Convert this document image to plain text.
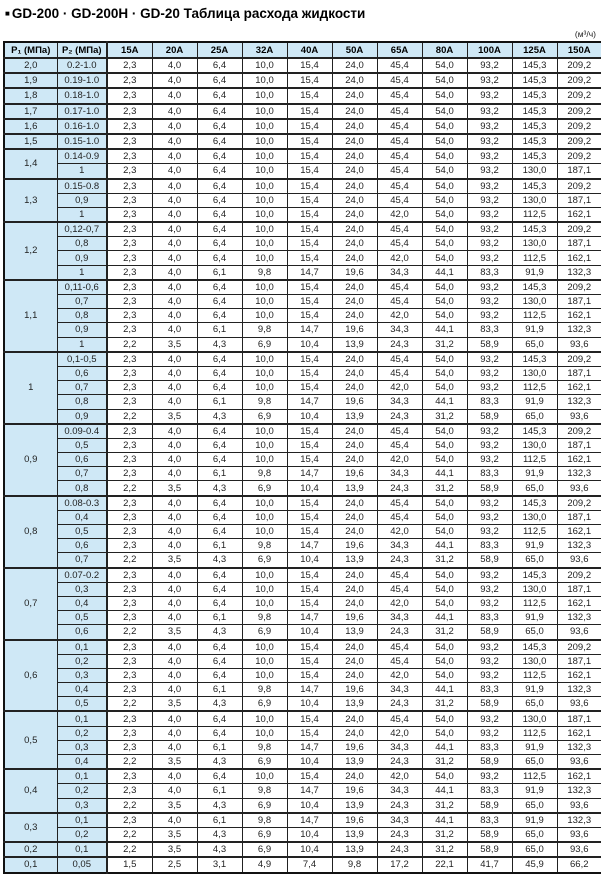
■ GD-200 · GD-200H · GD-20 Таблица расхода жидкости
(м³/ч)
P₁ (МПа)	P₂ (МПа)	15A	20A	25A	32A	40A	50A	65A	80A	100A	125A	150A
2,0	0.2-1.0	2,3	4,0	6,4	10,0	15,4	24,0	45,4	54,0	93,2	145,3	209,2
1,9	0.19-1.0	2,3	4,0	6,4	10,0	15,4	24,0	45,4	54,0	93,2	145,3	209,2
1,8	0.18-1.0	2,3	4,0	6,4	10,0	15,4	24,0	45,4	54,0	93,2	145,3	209,2
1,7	0.17-1.0	2,3	4,0	6,4	10,0	15,4	24,0	45,4	54,0	93,2	145,3	209,2
1,6	0.16-1.0	2,3	4,0	6,4	10,0	15,4	24,0	45,4	54,0	93,2	145,3	209,2
1,5	0.15-1.0	2,3	4,0	6,4	10,0	15,4	24,0	45,4	54,0	93,2	145,3	209,2
1,4	0.14-0.9	2,3	4,0	6,4	10,0	15,4	24,0	45,4	54,0	93,2	145,3	209,2
	1	2,3	4,0	6,4	10,0	15,4	24,0	45,4	54,0	93,2	130,0	187,1
1,3	0.15-0.8	2,3	4,0	6,4	10,0	15,4	24,0	45,4	54,0	93,2	145,3	209,2
	0,9	2,3	4,0	6,4	10,0	15,4	24,0	45,4	54,0	93,2	130,0	187,1
	1	2,3	4,0	6,4	10,0	15,4	24,0	42,0	54,0	93,2	112,5	162,1
1,2	0,12-0,7	2,3	4,0	6,4	10,0	15,4	24,0	45,4	54,0	93,2	145,3	209,2
	0,8	2,3	4,0	6,4	10,0	15,4	24,0	45,4	54,0	93,2	130,0	187,1
	0,9	2,3	4,0	6,4	10,0	15,4	24,0	42,0	54,0	93,2	112,5	162,1
	1	2,3	4,0	6,1	9,8	14,7	19,6	34,3	44,1	83,3	91,9	132,3
1,1	0,11-0,6	2,3	4,0	6,4	10,0	15,4	24,0	45,4	54,0	93,2	145,3	209,2
	0,7	2,3	4,0	6,4	10,0	15,4	24,0	45,4	54,0	93,2	130,0	187,1
	0,8	2,3	4,0	6,4	10,0	15,4	24,0	42,0	54,0	93,2	112,5	162,1
	0,9	2,3	4,0	6,1	9,8	14,7	19,6	34,3	44,1	83,3	91,9	132,3
	1	2,2	3,5	4,3	6,9	10,4	13,9	24,3	31,2	58,9	65,0	93,6
1	0,1-0,5	2,3	4,0	6,4	10,0	15,4	24,0	45,4	54,0	93,2	145,3	209,2
	0,6	2,3	4,0	6,4	10,0	15,4	24,0	45,4	54,0	93,2	130,0	187,1
	0,7	2,3	4,0	6,4	10,0	15,4	24,0	42,0	54,0	93,2	112,5	162,1
	0,8	2,3	4,0	6,1	9,8	14,7	19,6	34,3	44,1	83,3	91,9	132,3
	0,9	2,2	3,5	4,3	6,9	10,4	13,9	24,3	31,2	58,9	65,0	93,6
0,9	0.09-0.4	2,3	4,0	6,4	10,0	15,4	24,0	45,4	54,0	93,2	145,3	209,2
	0,5	2,3	4,0	6,4	10,0	15,4	24,0	45,4	54,0	93,2	130,0	187,1
	0,6	2,3	4,0	6,4	10,0	15,4	24,0	42,0	54,0	93,2	112,5	162,1
	0,7	2,3	4,0	6,1	9,8	14,7	19,6	34,3	44,1	83,3	91,9	132,3
	0,8	2,2	3,5	4,3	6,9	10,4	13,9	24,3	31,2	58,9	65,0	93,6
0,8	0.08-0.3	2,3	4,0	6,4	10,0	15,4	24,0	45,4	54,0	93,2	145,3	209,2
	0,4	2,3	4,0	6,4	10,0	15,4	24,0	45,4	54,0	93,2	130,0	187,1
	0,5	2,3	4,0	6,4	10,0	15,4	24,0	42,0	54,0	93,2	112,5	162,1
	0,6	2,3	4,0	6,1	9,8	14,7	19,6	34,3	44,1	83,3	91,9	132,3
	0,7	2,2	3,5	4,3	6,9	10,4	13,9	24,3	31,2	58,9	65,0	93,6
0,7	0.07-0.2	2,3	4,0	6,4	10,0	15,4	24,0	45,4	54,0	93,2	145,3	209,2
	0,3	2,3	4,0	6,4	10,0	15,4	24,0	45,4	54,0	93,2	130,0	187,1
	0,4	2,3	4,0	6,4	10,0	15,4	24,0	42,0	54,0	93,2	112,5	162,1
	0,5	2,3	4,0	6,1	9,8	14,7	19,6	34,3	44,1	83,3	91,9	132,3
	0,6	2,2	3,5	4,3	6,9	10,4	13,9	24,3	31,2	58,9	65,0	93,6
0,6	0,1	2,3	4,0	6,4	10,0	15,4	24,0	45,4	54,0	93,2	145,3	209,2
	0,2	2,3	4,0	6,4	10,0	15,4	24,0	45,4	54,0	93,2	130,0	187,1
	0,3	2,3	4,0	6,4	10,0	15,4	24,0	42,0	54,0	93,2	112,5	162,1
	0,4	2,3	4,0	6,1	9,8	14,7	19,6	34,3	44,1	83,3	91,9	132,3
	0,5	2,2	3,5	4,3	6,9	10,4	13,9	24,3	31,2	58,9	65,0	93,6
0,5	0,1	2,3	4,0	6,4	10,0	15,4	24,0	45,4	54,0	93,2	130,0	187,1
	0,2	2,3	4,0	6,4	10,0	15,4	24,0	42,0	54,0	93,2	112,5	162,1
	0,3	2,3	4,0	6,1	9,8	14,7	19,6	34,3	44,1	83,3	91,9	132,3
	0,4	2,2	3,5	4,3	6,9	10,4	13,9	24,3	31,2	58,9	65,0	93,6
0,4	0,1	2,3	4,0	6,4	10,0	15,4	24,0	42,0	54,0	93,2	112,5	162,1
	0,2	2,3	4,0	6,1	9,8	14,7	19,6	34,3	44,1	83,3	91,9	132,3
	0,3	2,2	3,5	4,3	6,9	10,4	13,9	24,3	31,2	58,9	65,0	93,6
0,3	0,1	2,3	4,0	6,1	9,8	14,7	19,6	34,3	44,1	83,3	91,9	132,3
	0,2	2,2	3,5	4,3	6,9	10,4	13,9	24,3	31,2	58,9	65,0	93,6
0,2	0,1	2,2	3,5	4,3	6,9	10,4	13,9	24,3	31,2	58,9	65,0	93,6
0,1	0,05	1,5	2,5	3,1	4,9	7,4	9,8	17,2	22,1	41,7	45,9	66,2
